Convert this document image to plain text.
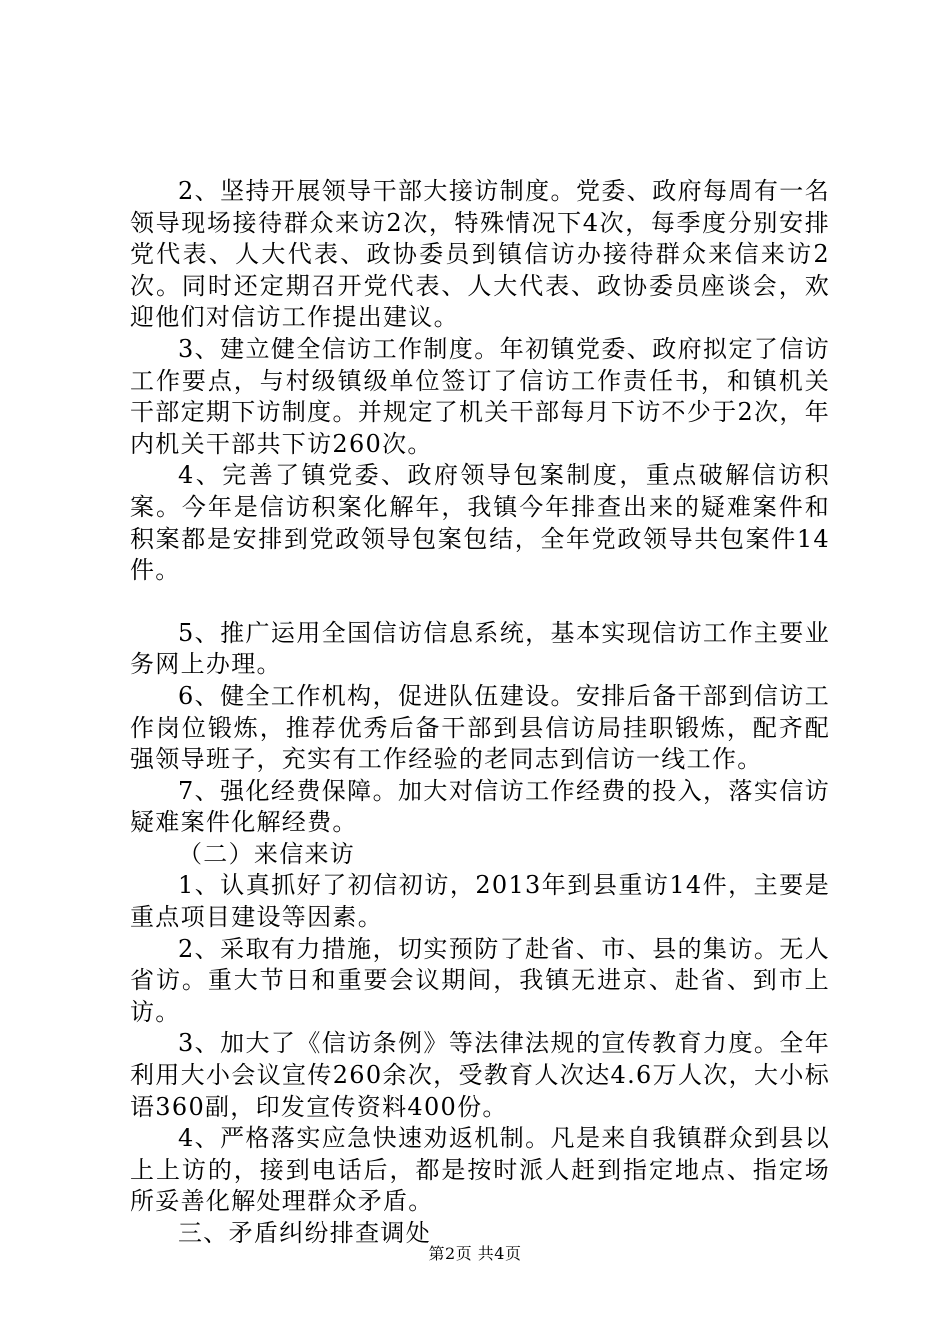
2、坚持开展领导干部大接访制度。党委、政府每周有一名领导现场接待群众来访2次，特殊情况下4次，每季度分别安排党代表、人大代表、政协委员到镇信访办接待群众来信来访2次。同时还定期召开党代表、人大代表、政协委员座谈会，欢迎他们对信访工作提出建议。

3、建立健全信访工作制度。年初镇党委、政府拟定了信访工作要点，与村级镇级单位签订了信访工作责任书，和镇机关干部定期下访制度。并规定了机关干部每月下访不少于2次，年内机关干部共下访260次。

4、完善了镇党委、政府领导包案制度，重点破解信访积案。今年是信访积案化解年，我镇今年排查出来的疑难案件和积案都是安排到党政领导包案包结，全年党政领导共包案件14件。

5、推广运用全国信访信息系统，基本实现信访工作主要业务网上办理。

6、健全工作机构，促进队伍建设。安排后备干部到信访工作岗位锻炼，推荐优秀后备干部到县信访局挂职锻炼，配齐配强领导班子，充实有工作经验的老同志到信访一线工作。

7、强化经费保障。加大对信访工作经费的投入，落实信访疑难案件化解经费。

（二）来信来访

1、认真抓好了初信初访，2013年到县重访14件，主要是重点项目建设等因素。

2、采取有力措施，切实预防了赴省、市、县的集访。无人省访。重大节日和重要会议期间，我镇无进京、赴省、到市上访。

3、加大了《信访条例》等法律法规的宣传教育力度。全年利用大小会议宣传260余次，受教育人次达4.6万人次，大小标语360副，印发宣传资料400份。

4、严格落实应急快速劝返机制。凡是来自我镇群众到县以上上访的，接到电话后，都是按时派人赶到指定地点、指定场所妥善化解处理群众矛盾。

三、矛盾纠纷排查调处

第2页 共4页
